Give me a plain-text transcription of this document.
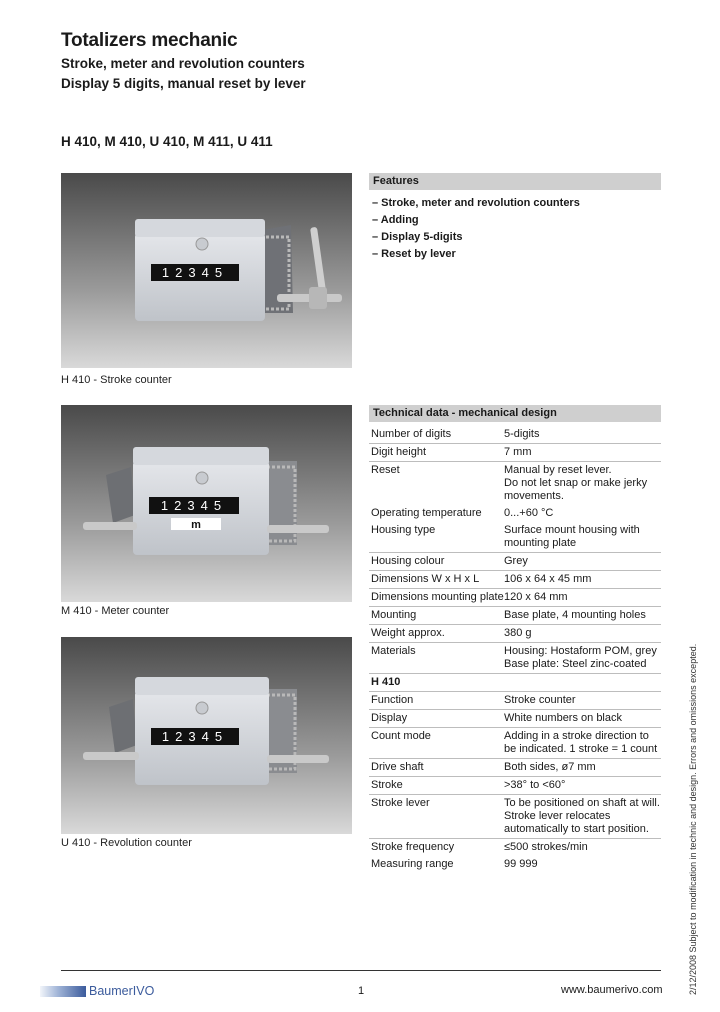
Totalizers mechanic
Stroke, meter and revolution counters
Display 5 digits, manual reset by lever
H 410, M 410, U 410, M 411, U 411
12345
H 410 - Stroke counter
12345
m
M 410 - Meter counter
12345
U 410 - Revolution counter
Features
– Stroke, meter and revolution counters
– Adding
– Display 5-digits
– Reset by lever
Technical data - mechanical design
Number of digits	5-digits
Digit height	7 mm
Reset	Manual by reset lever.
Do not let snap or make jerky movements.
Operating temperature	0...+60 °C
Housing type	Surface mount housing with mounting plate
Housing colour	Grey
Dimensions W x H x L	106 x 64 x 45 mm
Dimensions mounting plate 120 x 64 mm
Mounting	Base plate, 4 mounting holes
Weight approx.	380 g
Materials	Housing: Hostaform POM, grey
Base plate: Steel zinc-coated
H 410
Function	Stroke counter
Display	White numbers on black
Count mode	Adding in a stroke direction to be indicated. 1 stroke = 1 count
Drive shaft	Both sides, ø7 mm
Stroke	>38° to <60°
Stroke lever	To be positioned on shaft at will. Stroke lever relocates automatically to start position.
Stroke frequency	≤500 strokes/min
Measuring range	99 999	2/12/2008 Subject to modification in technic and design. Errors and omissions excepted.
BaumerIVO	1	www.baumerivo.com
